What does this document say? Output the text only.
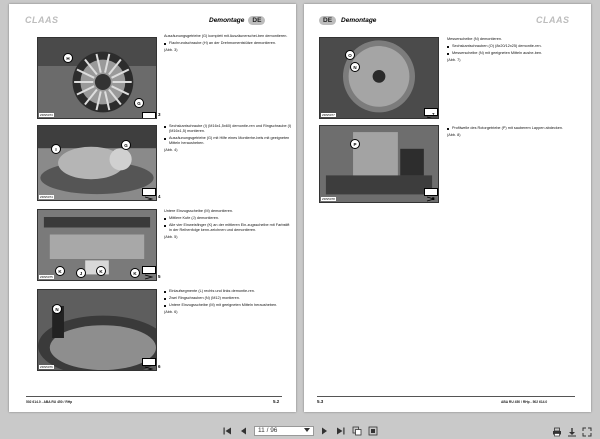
CLAAS	Demontage	DE
H
G
ZDN5073	3

Auszäunungsgetriebe (G) komplett mit Auszäunerschei-ben demontieren.

Flachrundschraube (H) an der Drehmomentstütze demontieren.

(Abb. 3)

I
G
ZDN5074	4

Sechskantschraube (I) (M16x1,5x60) demontie-ren und Ringschraube (I) (M16x1,5) montieren.

Auszäunungsgetriebe (G) mit Hilfe eines Montierhe-bels mit geeigneten Mitteln herausheben.

(Abb. 4)

K	J	K	K
ZDN5075	5

Untere Einzugsscheibe (M) demontieren.

Mittlere Kufe (J) demontieren.

Alle vier Einweisfinger (K) an der mittleren Ein-zugsscheibe mit Farbstift in der Reihenfolge kenn-zeichnen und demontieren.

(Abb. 5)

N
ZDN5076	6

Einlaufsegmente (L) rechts und links demontie-ren.

Zwei Ringschrauben (N) (M12) montieren.

Untere Einzugsscheibe (M) mit geeigneten Mitteln herausheben.

(Abb. 6)

502 614.0 - ABA RU 450 / RHp	5.2
DE	Demontage	CLAAS
O
N
ZDN5077	7

Messerscheibe (N) demontieren.

Sechskantschrauben (O) (8x20/12x25) demontie-ren.

Messerscheibe (N) mit geeigneten Mitteln aushe-ben.

(Abb. 7)

P
ZDN5078	8

Profilwelle des Rotorgetriebe (P) mit sauberem Lappen abdecken.

(Abb. 8)

5.3	ABA RU 450 / RHp - 502 614.0
11 / 96
